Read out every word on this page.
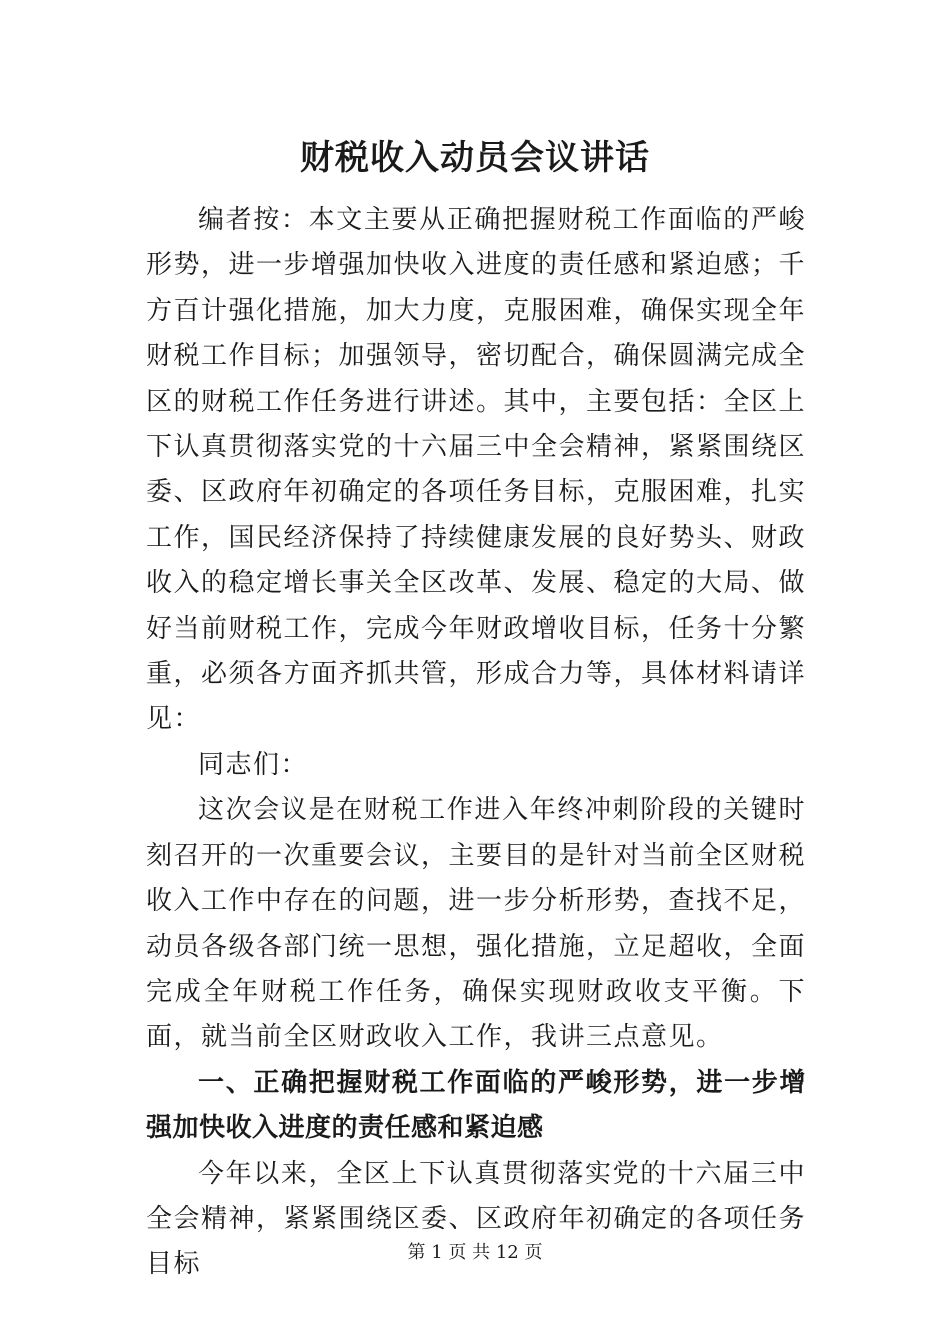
财税收入动员会议讲话

编者按：本文主要从正确把握财税工作面临的严峻形势，进一步增强加快收入进度的责任感和紧迫感；千方百计强化措施，加大力度，克服困难，确保实现全年财税工作目标；加强领导，密切配合，确保圆满完成全区的财税工作任务进行讲述。其中，主要包括：全区上下认真贯彻落实党的十六届三中全会精神，紧紧围绕区委、区政府年初确定的各项任务目标，克服困难，扎实工作，国民经济保持了持续健康发展的良好势头、财政收入的稳定增长事关全区改革、发展、稳定的大局、做好当前财税工作，完成今年财政增收目标，任务十分繁重，必须各方面齐抓共管，形成合力等，具体材料请详见：

同志们：

这次会议是在财税工作进入年终冲刺阶段的关键时刻召开的一次重要会议，主要目的是针对当前全区财税收入工作中存在的问题，进一步分析形势，查找不足，动员各级各部门统一思想，强化措施，立足超收，全面完成全年财税工作任务，确保实现财政收支平衡。下面，就当前全区财政收入工作，我讲三点意见。

一、正确把握财税工作面临的严峻形势，进一步增强加快收入进度的责任感和紧迫感

今年以来，全区上下认真贯彻落实党的十六届三中全会精神，紧紧围绕区委、区政府年初确定的各项任务目标	第 1 页 共 12 页
